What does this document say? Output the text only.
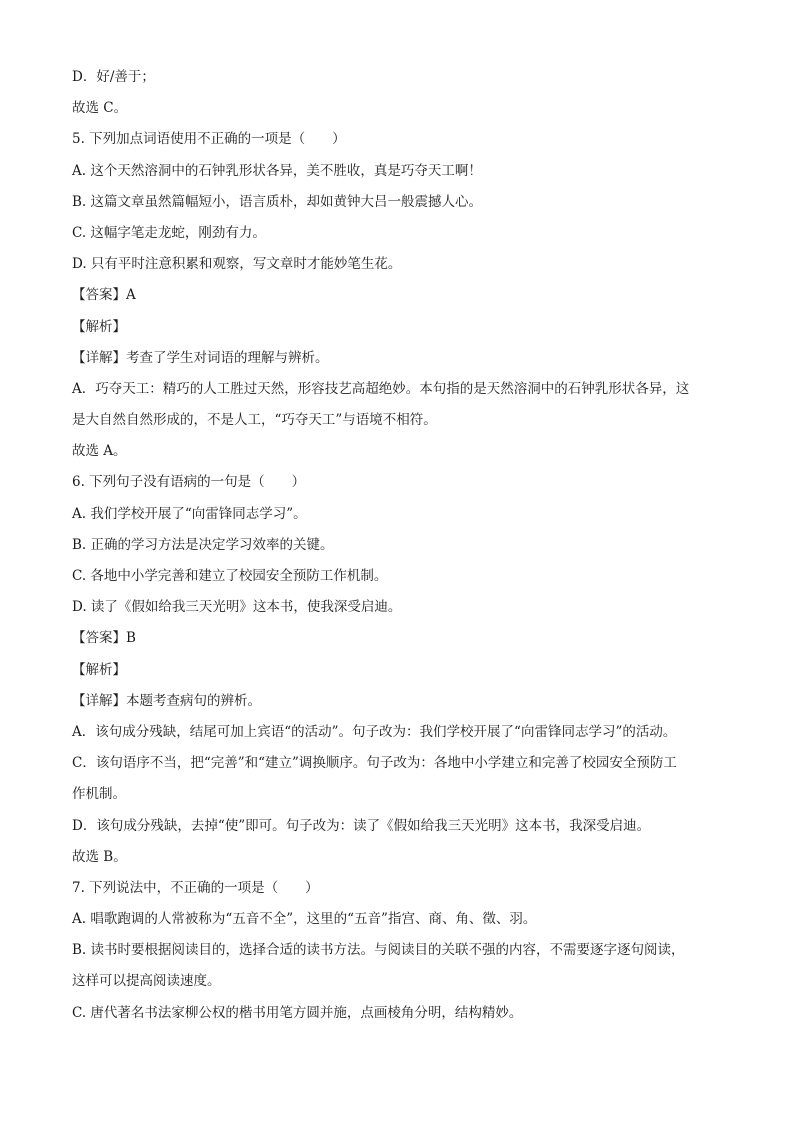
D．好/善于；

故选 C。

5. 下列加点词语使用不正确的一项是（　　）

A. 这个天然溶洞中的石钟乳形状各异，美不胜收，真是巧夺天工啊！

B. 这篇文章虽然篇幅短小，语言质朴，却如黄钟大吕一般震撼人心。

C. 这幅字笔走龙蛇，刚劲有力。

D. 只有平时注意积累和观察，写文章时才能妙笔生花。

【答案】A

【解析】

【详解】考查了学生对词语的理解与辨析。

A．巧夺天工：精巧的人工胜过天然，形容技艺高超绝妙。本句指的是天然溶洞中的石钟乳形状各异，这

是大自然自然形成的，不是人工，“巧夺天工”与语境不相符。

故选 A。

6. 下列句子没有语病的一句是（　　）

A. 我们学校开展了“向雷锋同志学习”。

B. 正确的学习方法是决定学习效率的关键。

C. 各地中小学完善和建立了校园安全预防工作机制。

D. 读了《假如给我三天光明》这本书，使我深受启迪。

【答案】B

【解析】

【详解】本题考查病句的辨析。

A．该句成分残缺，结尾可加上宾语“的活动”。句子改为：我们学校开展了“向雷锋同志学习”的活动。

C．该句语序不当，把“完善”和“建立”调换顺序。句子改为：各地中小学建立和完善了校园安全预防工

作机制。

D．该句成分残缺，去掉“使”即可。句子改为：读了《假如给我三天光明》这本书，我深受启迪。

故选 B。

7. 下列说法中，不正确的一项是（　　）

A. 唱歌跑调的人常被称为“五音不全”，这里的“五音”指宫、商、角、徵、羽。

B. 读书时要根据阅读目的，选择合适的读书方法。与阅读目的关联不强的内容，不需要逐字逐句阅读，

这样可以提高阅读速度。

C. 唐代著名书法家柳公权的楷书用笔方圆并施，点画棱角分明，结构精妙。
